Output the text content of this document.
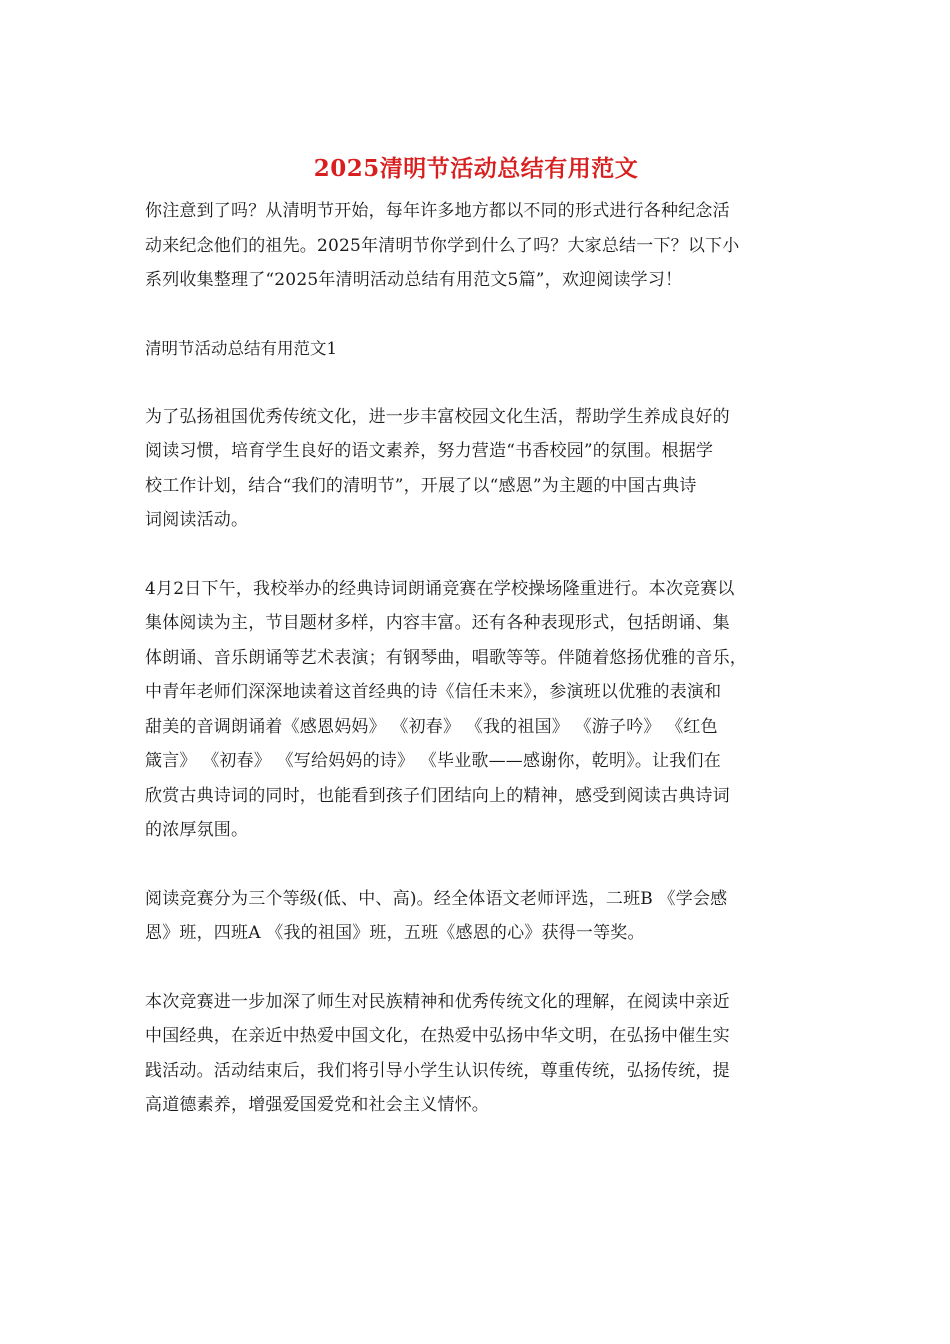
2025清明节活动总结有用范文

你注意到了吗？从清明节开始，每年许多地方都以不同的形式进行各种纪念活
动来纪念他们的祖先。2025年清明节你学到什么了吗？大家总结一下？以下小
系列收集整理了“2025年清明活动总结有用范文5篇”，欢迎阅读学习！

清明节活动总结有用范文1

为了弘扬祖国优秀传统文化，进一步丰富校园文化生活，帮助学生养成良好的
阅读习惯，培育学生良好的语文素养，努力营造“书香校园”的氛围。根据学
校工作计划，结合“我们的清明节”，开展了以“感恩”为主题的中国古典诗
词阅读活动。

4月2日下午，我校举办的经典诗词朗诵竞赛在学校操场隆重进行。本次竞赛以
集体阅读为主，节目题材多样，内容丰富。还有各种表现形式，包括朗诵、集
体朗诵、音乐朗诵等艺术表演；有钢琴曲，唱歌等等。伴随着悠扬优雅的音乐，
中青年老师们深深地读着这首经典的诗《信任未来》，参演班以优雅的表演和
甜美的音调朗诵着《感恩妈妈》 《初春》 《我的祖国》 《游子吟》 《红色
箴言》 《初春》 《写给妈妈的诗》 《毕业歌——感谢你，乾明》。让我们在
欣赏古典诗词的同时，也能看到孩子们团结向上的精神，感受到阅读古典诗词
的浓厚氛围。

阅读竞赛分为三个等级(低、中、高)。经全体语文老师评选，二班B 《学会感
恩》班，四班A 《我的祖国》班，五班《感恩的心》获得一等奖。

本次竞赛进一步加深了师生对民族精神和优秀传统文化的理解，在阅读中亲近
中国经典，在亲近中热爱中国文化，在热爱中弘扬中华文明，在弘扬中催生实
践活动。活动结束后，我们将引导小学生认识传统，尊重传统，弘扬传统，提
高道德素养，增强爱国爱党和社会主义情怀。
